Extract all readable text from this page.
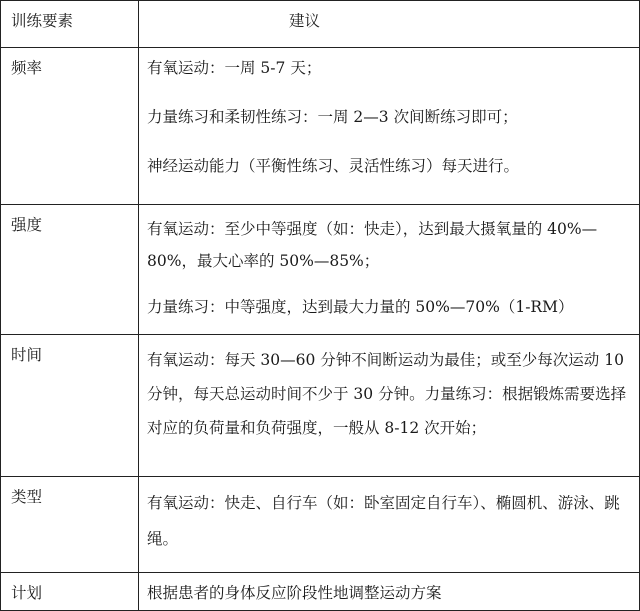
训练要素	建议
频率	有氧运动：一周 5-7 天；

力量练习和柔韧性练习：一周 2—3 次间断练习即可；

神经运动能力（平衡性练习、灵活性练习）每天进行。

强度	有氧运动：至少中等强度（如：快走），达到最大摄氧量的 40%—80%，最大心率的 50%—85%；

力量练习：中等强度，达到最大力量的 50%—70%（1-RM）

时间	有氧运动：每天 30—60 分钟不间断运动为最佳；或至少每次运动 10 分钟，每天总运动时间不少于 30 分钟。力量练习：根据锻炼需要选择对应的负荷量和负荷强度，一般从 8-12 次开始；

类型	有氧运动：快走、自行车（如：卧室固定自行车）、椭圆机、游泳、跳绳。

计划	根据患者的身体反应阶段性地调整运动方案
